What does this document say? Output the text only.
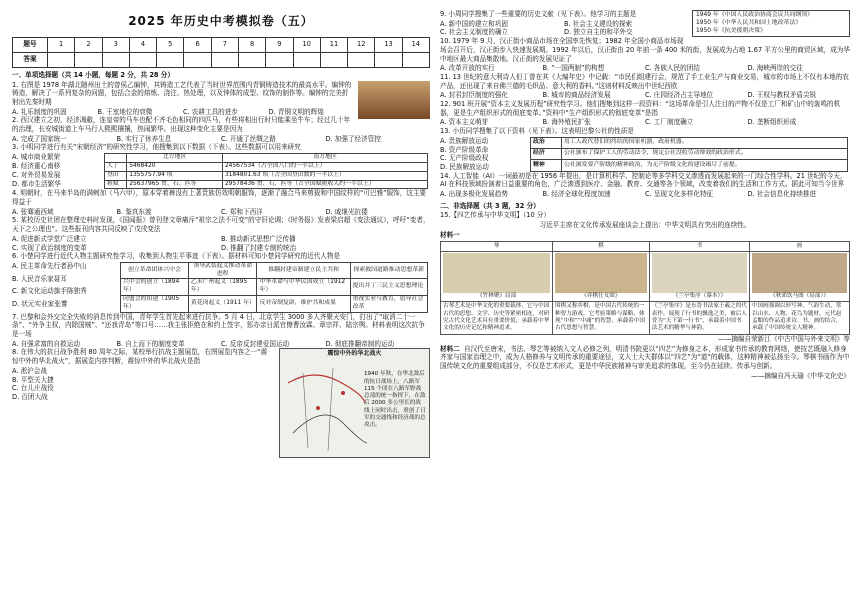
2025 年历史中考模拟卷（五）
题号	1	2	3	4	5	6	7	8	9	10	11	12	13	14
答案														
一、单项选择题（共 14 小题，每题 2 分，共 28 分）

1. 右图是 1978 年湖北随州出土的曾侯乙编钟，其铸造工艺代表了当时世界范围内青铜铸造技术的最高水平。编钟的铸造，解决了一系列复杂的问题，包括合金的熔炼、浇注、热处理，以及钟体的成型、纹饰的制作等。编钟的完美折射出先秦时期

A. 礼乐制度的巩固	B. 王室地位的衰微	C. 农耕工具的进步	D. 青铜文明的辉煌

2. 西汉建立之初，经济凋敝，连皇帝的马车也配不齐毛色相同的四匹马，有些将相出行时只能乘坐牛车；经过几十年的治理，长安城街道上车马行人熙熙攘攘，热闹繁华。出现这种变化主要是因为

A. 完成了国家统一	B. 实行了休养生息	C. 开通了丝绸之路	D. 加强了经济管控

3. 小明同学进行有关“宋朝经济”的研究性学习，他搜集到以下数据（下表）。这些数据可以用来研究

A. 城市商业繁荣
B. 经济重心南移
C. 对外贸易发展
D. 都市生活繁华
	北方地区	南方地区
人丁	5468420	24567534（占全国八口的一半以上）
垦田	1355757.94 顷	3184801.63 顷（占全国垦田数的一半以上）
租赋	25637965 贯、石、匹等	29578436 贯、石、匹等（占全国赋税收入约一半以上）

4. 明朝时，在马来半岛的满剌加（马六甲），原本穿着裤没有上著贵族仿效明朝服饰，逐渐了融合马来剪裁和中国纹样的“可巴雅”服饰，这主要得益于

A. 张骞通西域	B. 鉴真东渡	C. 郑和下西洋	D. 戚继光抗倭

5. 某校历史社团在整理史料时发现，《国闻报》曾刊登文章痛斥“祖宗之法不可变”的守旧论调；《时务报》发表梁启超《变法通议》，呼吁“变者，天下之公理也”。这些报刊内容共同反映了戊戌变法

A. 促进新式学堂广泛建立	B. 推动新式思想广泛传播
C. 实现了政治制度的变革	D. 推翻了封建专制的统治

6. 小楚同学进行近代人物主题研究性学习，收集到人物生平事迹（下表）。据材料可知小楚同学研究的近代人物是

A. 民主革命先行者孙中山
B. 人民音乐家聂耳
C. 新文化运动旗手陈独秀
D. 状元实业家张謇
创立革命团体兴中会	领导武装起义推动革命进程	推翻封建帝制建立民主共和	探索救国道路推动思想革新
兴中会的创立（1894 年）	乙未广州起义（1895 年）	中华革命与中华民国成立（1912 年）	提出并丁三民主义思想理论
同盟会的组建（1905 年）	黄花岗起义（1911 年）	反对帝制复辟，维护共和成果	重视实业与教育，倡导社会改革

7. 巴黎和会外交完全失败的消息传到中国，青年学生首先起来进行抗争。5 月 4 日，北京学生 3000 多人齐聚天安门，打出了“取消二十一条”、“外争主权，内除国贼”、“还我青岛”等口号……我主张拒绝在和约上签字，惩办亲日派官僚曹汝霖、章宗祥、陆宗舆。材料表明这次抗争是一场

A. 自强求富的自救运动	B. 自上而下的制度变革	C. 反帝反封建爱国运动	D. 彻底推翻帝制的运动

8. 在伟大的抗日战争胜利 80 周年之际，某校举行抗战主题展览，右图展览内容之一“震惊中外的华北战火”，据展览内容判断，震惊中外的华北战火是指

A. 淞沪会战
B. 平型关大捷
C. 台儿庄战役
D. 百团大战
震惊中外的华北战火
1940 年秋，在华北敌后的抗日战场上，八路军 115 个团在八路军野战总部的统一指挥下，在敌后 2000 多公里长的战线上同时出击，重创了日军的交通线和经济战的总攻击。
1949 年《中国人民政治协商会议共同纲领》
1950 年《中华人民共和国土地改革法》
1950 年《抗美援朝决策》

9. 小周同学搜集了一些重要的历史文献（见下表）。他学习的主题是

A. 新中国的建立和巩固	B. 社会主义建设的探索
C. 社会主义制度的确立	D. 独立自主的和平外交

10. 1979 年 9 月，汉正街小商品市场在全国率先恢复；1982 年全国小商品市场现场会召开后，汉正街步入快速发展期。1992 年以后，汉正街由 20 年前一条 400 米的街，发展成为占地 1.67 平方公里的商贸区域，成为华中地区最大商品集散地。汉正街的发展见证了

A. 改革开放的实行	B. “一国两制”的构想	C. 各族人民的团结	D. 海峡两岸的交往

11. 13 世纪的意大利诗人但丁曾在其《大编年史》中记载：“市民们组建行会，规范了手工业生产与商业交易，城市的市场上不仅有本地的农产品，还出现了来自佛兰德的毛织品、意大利的香料。”这则材料反映出中世纪西欧

A. 封君封臣制度的强化	B. 城市的商品经济发展	C. 庄园经济占主导地位	D. 王权与教权矛盾尖锐

12. 901 班开展“资本主义发展历程”研究性学习。他们搜集到这样一段资料：“这场革命是引人注目的产物不仅是工厂和矿山中的轰鸣的机器，更是生产组织形式的彻底变革。”资料中“生产组织形式的彻底变革”是指

A. 资本主义萌芽	B. 海外殖民扩张	C. 工厂制度确立	D. 垄断组织形成

13. 小历同学搜集了以下资料（见下表）。这表明巴黎公社的性质是

A. 贵族解放运动
B. 资产阶级革命
C. 无产阶级政权
D. 民族解放运动
政治	用工人政代替旧的终结的国家机器，政府机器。
经济	公社颁布了保护工人的劳动法令，规定公社没收劳动辩效的政治形式。
精神	公社颁发要产阶级的精神政治，为无产阶级文化的建设竭尽了前提。

14. 人工智能（AI）一词最初是在 1956 年提出，是计算机科学、控制论等多学科交叉渗透而发展起来的一门综合性学科。21 世纪的今天，AI 在科技领域扮演着日益重要的角色，广泛渗透到医疗、金融、教育、交通等各个领域，改变着我们的生活和工作方式。据此可知当今世界

A. 出现多极化发展趋势	B. 经济全球化程度加速	C. 呈现文化多样化特征	D. 社会信息化持续推进
二、非选择题（共 3 题，32 分）

15.【四艺传承与中华文明】（10 分）

习近平主席在文化传承发展座谈会上提出：中华文明具有突出的连续性。

材料一

琴	棋	书	画

《竹林聚》局部	《弈棋仕女图》	《兰亭集序（摹本）》	《秋郊饮马图（局部）》

古琴艺术是中华文化的重要载体，它与中国古代的思想、文学、历史等紧密相连，对研究古代文化艺术具有重要价值，承载着中华文化的历史记忆和精神追求。	围棋又称弈棋，是中国古代传统的一种智力游戏，它考验策略与谋略，体现“中和”“中庸”的智慧，承载着中国古代思想与智慧。	《兰亭集序》是东晋书法家王羲之的代表作，展现了行书的飘逸之美，被后人誉为“天下第一行书”，承载着中国书法艺术的精华与神韵。	中国画强调以形写神、气韵生动，常以山水、人物、花鸟为题材，元代赵孟頫的作品追求诗、书、画的结合，承载了中国传统文人精神。

——摘编自荣新江《中古中国与外来文明》等

材料二 自汉代至唐宋，书法、琴艺等被纳入文人必修之列，明清书院更以“四艺”为修身之本，形成家书传承的教育网络，使技艺既融入修身齐家与国家治理之中，成为人格修养与文明传承的重要途径，文人士大夫群体以“四艺”为“道”的载体，这种精神被弘扬至今。琴棋书画作为中国传统文化的重要组成部分，不仅是艺术形式，更是中华民族精神与审美追求的体现，至今仍在延续、传承与创新。

——摘编自冯天瑜《中华文化史》
